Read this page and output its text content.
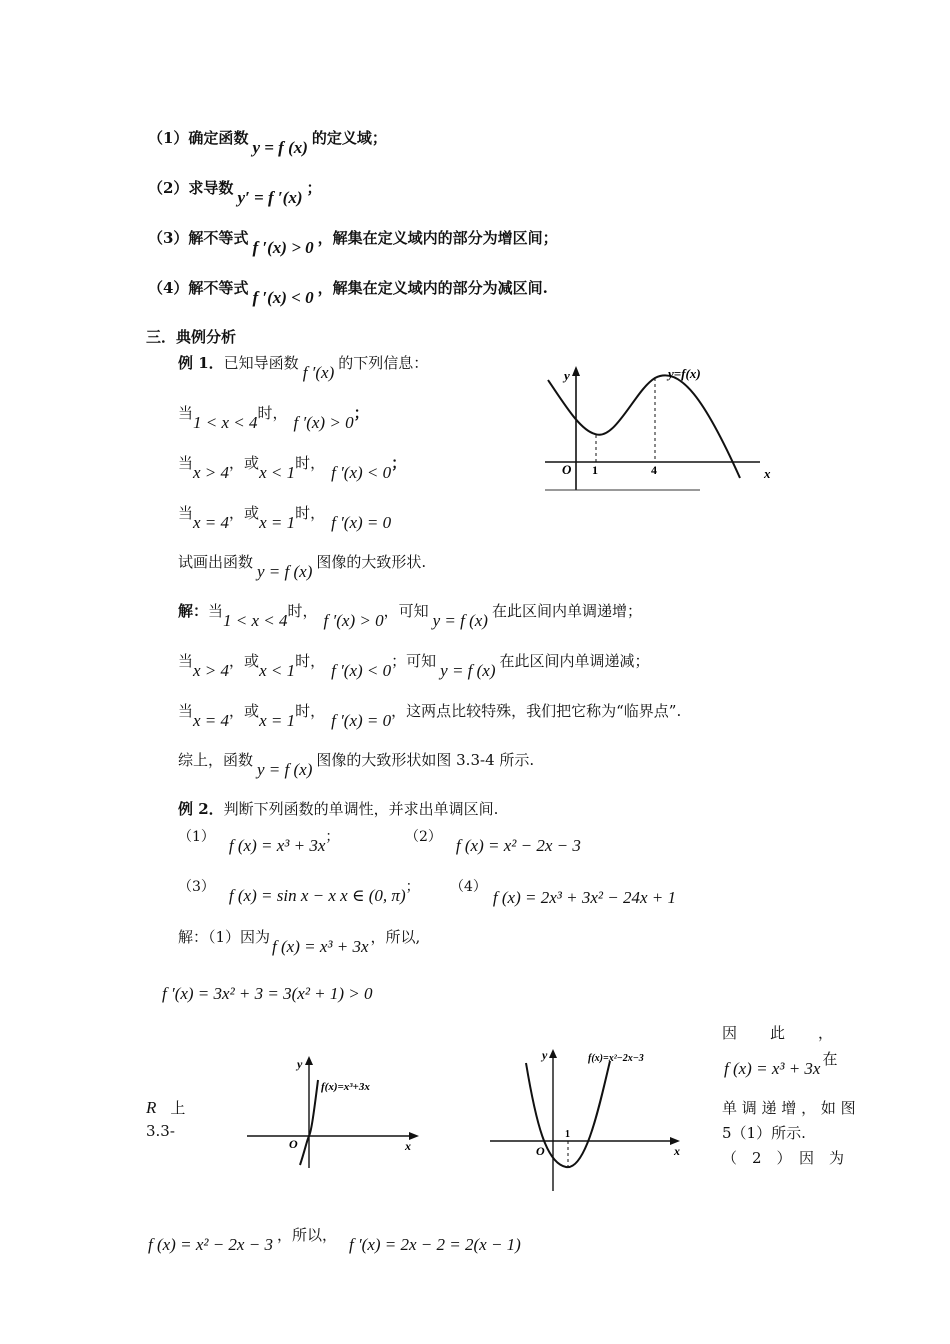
（1）确定函数 y = f (x) 的定义域；
（2）求导数 y′ = f ′(x) ；
（3）解不等式 f ′(x) > 0 ，解集在定义域内的部分为增区间；
（4）解不等式 f ′(x) < 0 ，解集在定义域内的部分为减区间.
三．典例分析
例 1．已知导函数 f ′(x) 的下列信息：
当1 < x < 4时， f ′(x) > 0；
当x > 4，或x < 1时， f ′(x) < 0；
当x = 4，或x = 1时， f ′(x) = 0
试画出函数 y = f (x) 图像的大致形状.
y
x
O 1	4
y=f(x)
解：当1 < x < 4时， f ′(x) > 0，可知 y = f (x) 在此区间内单调递增；
当x > 4，或x < 1时， f ′(x) < 0；可知 y = f (x) 在此区间内单调递减；
当x = 4，或x = 1时， f ′(x) = 0，这两点比较特殊，我们把它称为“临界点”.
综上，函数 y = f (x) 图像的大致形状如图 3.3-4 所示.
例 2．判断下列函数的单调性，并求出单调区间.
（1） f (x) = x³ + 3x；	（2） f (x) = x² − 2x − 3
（3） f (x) = sin x − x x ∈ (0, π)； （4）f (x) = 2x³ + 3x² − 24x + 1
解：（1）因为 f (x) = x³ + 3x ，所以,
f ′(x) = 3x² + 3 = 3(x² + 1) > 0
因　　此　　，
f (x) = x³ + 3x 在
单 调 递 增 ， 如 图
5（1）所示.
（　2　）　因　为
R 上
3.3-
y
x
O
f(x)=x³+3x
y
x
O
1
f(x)=x²−2x−3
f (x) = x² − 2x − 3 ，所以， f ′(x) = 2x − 2 = 2(x − 1)
